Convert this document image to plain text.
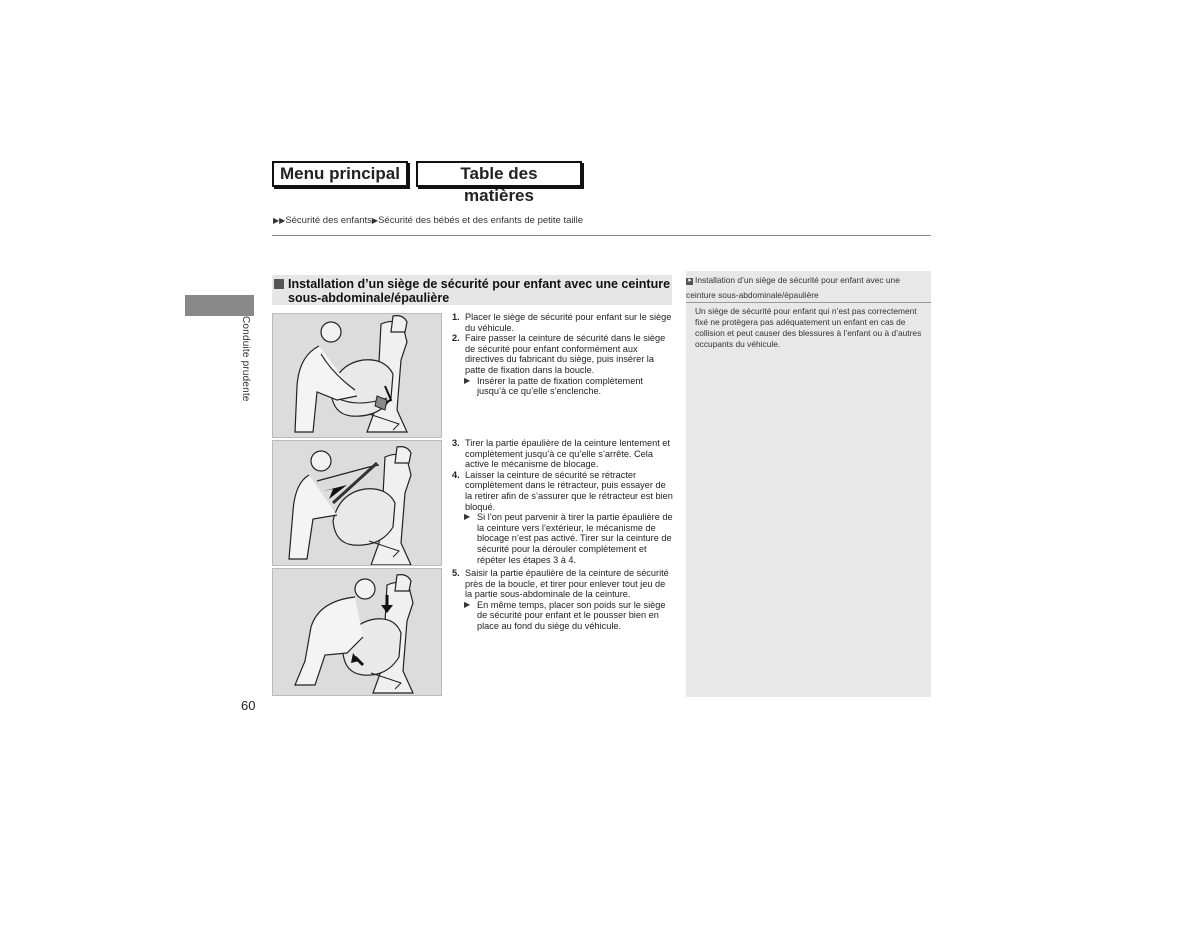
Menu principal	Table des matières
▶▶Sécurité des enfants▶Sécurité des bébés et des enfants de petite taille
Conduite prudente
60
Installation d’un siège de sécurité pour enfant avec une ceinture sous-abdominale/épaulière
1. Placer le siège de sécurité pour enfant sur le siège du véhicule.
2. Faire passer la ceinture de sécurité dans le siège de sécurité pour enfant conformément aux directives du fabricant du siège, puis insérer la patte de fixation dans la boucle.
▶ Insérer la patte de fixation complètement jusqu’à ce qu’elle s’enclenche.
3. Tirer la partie épaulière de la ceinture lentement et complètement jusqu’à ce qu’elle s’arrête. Cela active le mécanisme de blocage.
4. Laisser la ceinture de sécurité se rétracter complètement dans le rétracteur, puis essayer de la retirer afin de s’assurer que le rétracteur est bien bloqué.
▶ Si l’on peut parvenir à tirer la partie épaulière de la ceinture vers l’extérieur, le mécanisme de blocage n’est pas activé. Tirer sur la ceinture de sécurité pour la dérouler complètement et répéter les étapes 3 à 4.
5. Saisir la partie épaulière de la ceinture de sécurité près de la boucle, et tirer pour enlever tout jeu de la partie sous-abdominale de la ceinture.
▶ En même temps, placer son poids sur le siège de sécurité pour enfant et le pousser bien en place au fond du siège du véhicule.
➤ Installation d’un siège de sécurité pour enfant avec une ceinture sous-abdominale/épaulière
Un siège de sécurité pour enfant qui n’est pas correctement fixé ne protègera pas adéquatement un enfant en cas de collision et peut causer des blessures à l’enfant ou à d’autres occupants du véhicule.
